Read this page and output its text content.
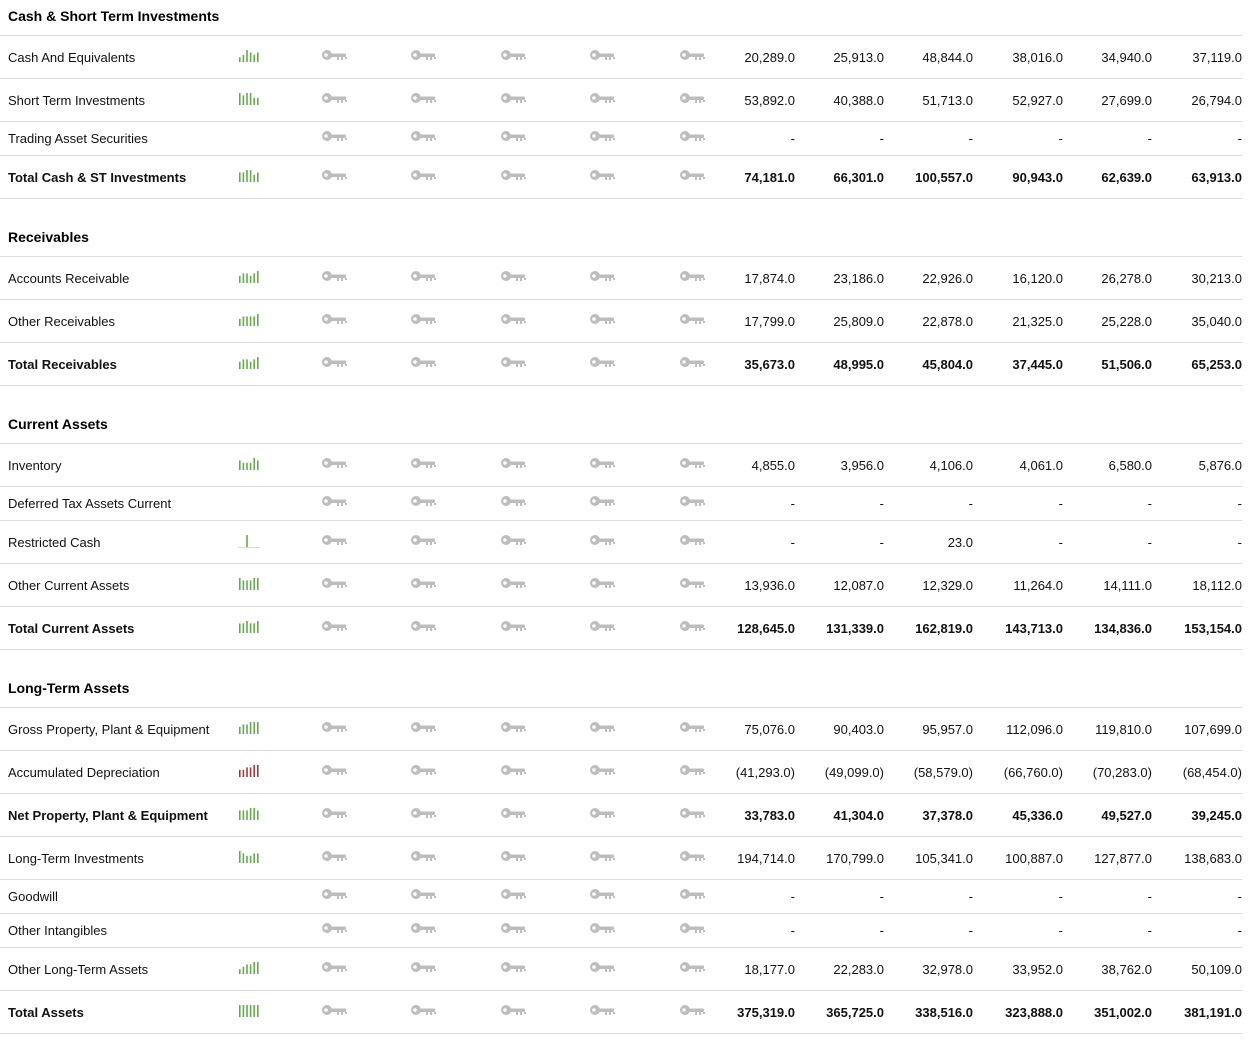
Cash & Short Term Investments
Cash And Equivalents	20,289.0	25,913.0	48,844.0	38,016.0	34,940.0	37,119.0
Short Term Investments	53,892.0	40,388.0	51,713.0	52,927.0	27,699.0	26,794.0
Trading Asset Securities	-	-	-	-	-	-
Total Cash & ST Investments	74,181.0	66,301.0	100,557.0	90,943.0	62,639.0	63,913.0
Receivables
Accounts Receivable	17,874.0	23,186.0	22,926.0	16,120.0	26,278.0	30,213.0
Other Receivables	17,799.0	25,809.0	22,878.0	21,325.0	25,228.0	35,040.0
Total Receivables	35,673.0	48,995.0	45,804.0	37,445.0	51,506.0	65,253.0
Current Assets
Inventory	4,855.0	3,956.0	4,106.0	4,061.0	6,580.0	5,876.0
Deferred Tax Assets Current	-	-	-	-	-	-
Restricted Cash	-	-	23.0	-	-	-
Other Current Assets	13,936.0	12,087.0	12,329.0	11,264.0	14,111.0	18,112.0
Total Current Assets	128,645.0	131,339.0	162,819.0	143,713.0	134,836.0	153,154.0
Long-Term Assets
Gross Property, Plant & Equipment	75,076.0	90,403.0	95,957.0	112,096.0	119,810.0	107,699.0
Accumulated Depreciation	(41,293.0)	(49,099.0)	(58,579.0)	(66,760.0)	(70,283.0)	(68,454.0)
Net Property, Plant & Equipment	33,783.0	41,304.0	37,378.0	45,336.0	49,527.0	39,245.0
Long-Term Investments	194,714.0	170,799.0	105,341.0	100,887.0	127,877.0	138,683.0
Goodwill	-	-	-	-	-	-
Other Intangibles	-	-	-	-	-	-
Other Long-Term Assets	18,177.0	22,283.0	32,978.0	33,952.0	38,762.0	50,109.0
Total Assets	375,319.0	365,725.0	338,516.0	323,888.0	351,002.0	381,191.0
